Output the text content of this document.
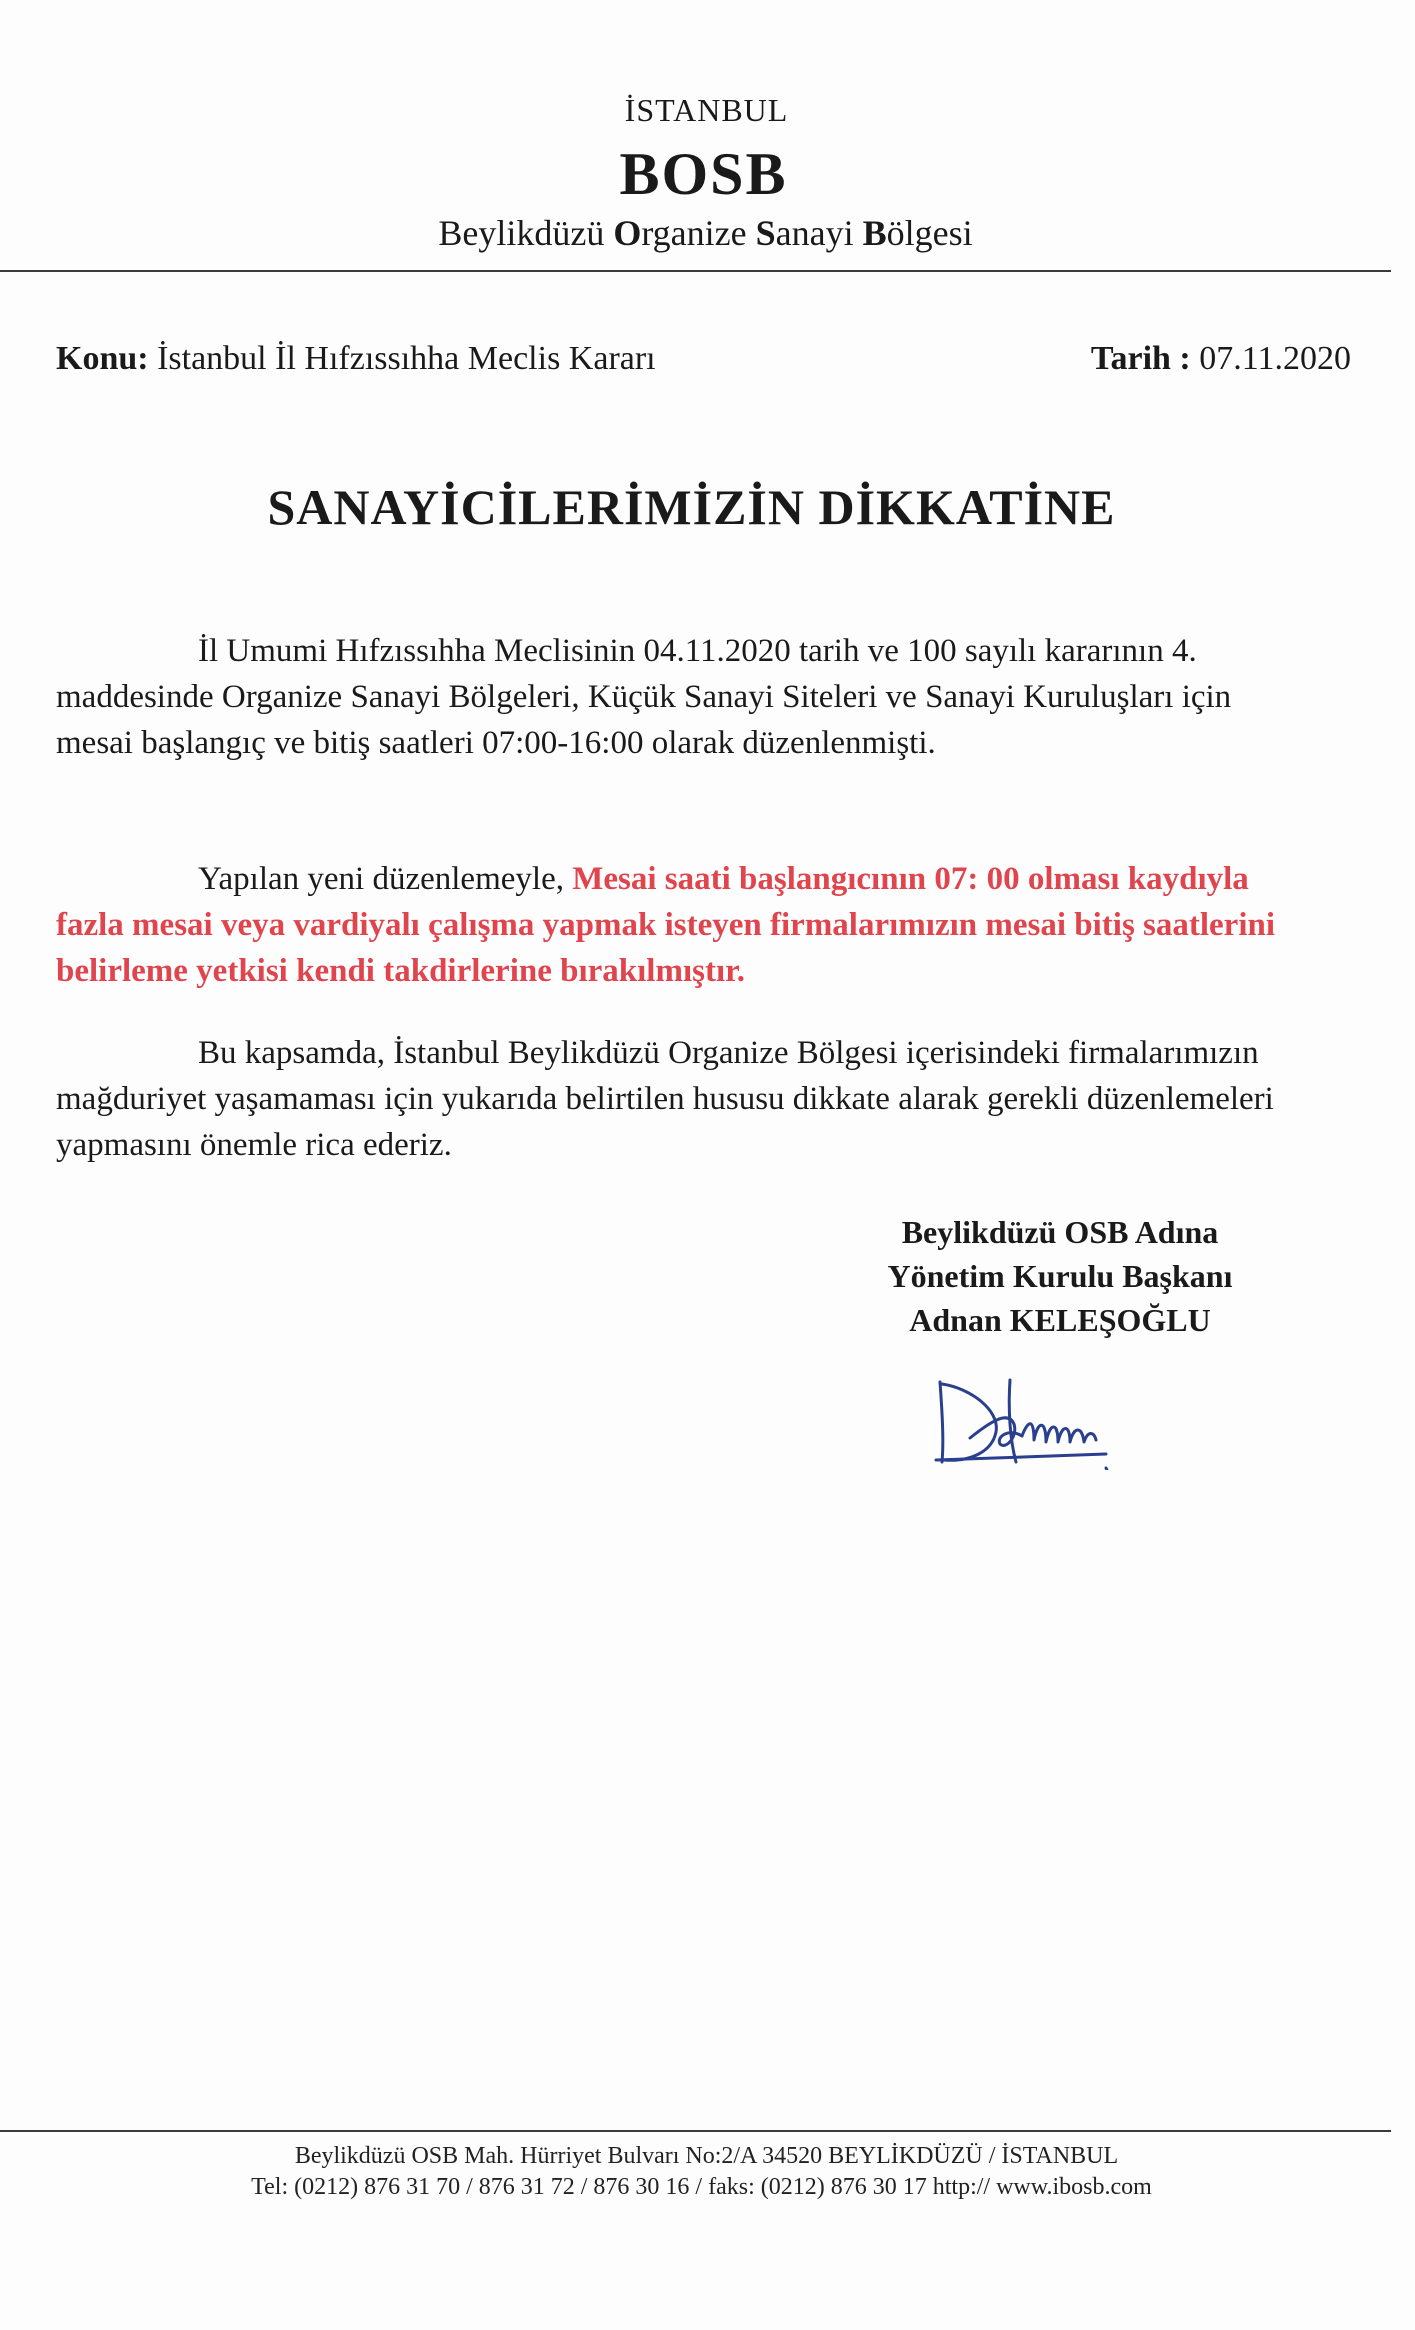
İSTANBUL
BOSB
Beylikdüzü Organize Sanayi Bölgesi
Konu: İstanbul İl Hıfzıssıhha Meclis Kararı	Tarih : 07.11.2020
SANAYİCİLERİMİZİN DİKKATİNE
İl Umumi Hıfzıssıhha Meclisinin 04.11.2020 tarih ve 100 sayılı kararının 4. maddesinde Organize Sanayi Bölgeleri, Küçük Sanayi Siteleri ve Sanayi Kuruluşları için mesai başlangıç ve bitiş saatleri 07:00-16:00 olarak düzenlenmişti.
Yapılan yeni düzenlemeyle, Mesai saati başlangıcının 07: 00 olması kaydıyla fazla mesai veya vardiyalı çalışma yapmak isteyen firmalarımızın mesai bitiş saatlerini belirleme yetkisi kendi takdirlerine bırakılmıştır.
Bu kapsamda, İstanbul Beylikdüzü Organize Bölgesi içerisindeki firmalarımızın mağduriyet yaşamaması için yukarıda belirtilen hususu dikkate alarak gerekli düzenlemeleri yapmasını önemle rica ederiz.
Beylikdüzü OSB Adına
Yönetim Kurulu Başkanı
Adnan KELEŞOĞLU
Beylikdüzü OSB Mah. Hürriyet Bulvarı No:2/A 34520 BEYLİKDÜZÜ / İSTANBUL
Tel: (0212) 876 31 70 / 876 31 72 / 876 30 16 / faks: (0212) 876 30 17 http:// www.ibosb.com
